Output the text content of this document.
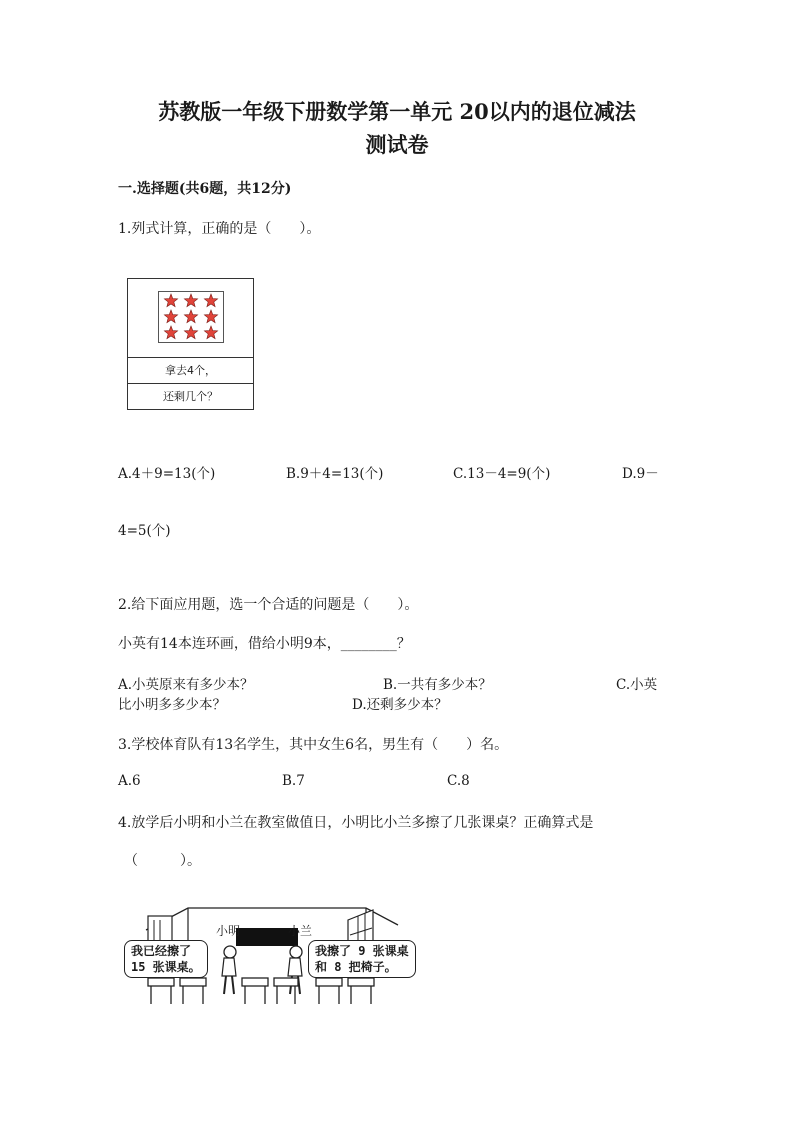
苏教版一年级下册数学第一单元 20以内的退位减法
测试卷
一.选择题(共6题，共12分)
1.列式计算，正确的是（　　）。
拿去4个，
还剩几个？
A.4＋9=13(个)	B.9＋4=13(个)	C.13－4=9(个)	D.9－
4=5(个)
2.给下面应用题，选一个合适的问题是（　　）。
小英有14本连环画，借给小明9本，________？
A.小英原来有多少本？	B.一共有多少本？	C.小英
比小明多多少本？	D.还剩多少本？
3.学校体育队有13名学生，其中女生6名，男生有（　　）名。
A.6	B.7	C.8
4.放学后小明和小兰在教室做值日，小明比小兰多擦了几张课桌？正确算式是
（　　　）。
小明	小兰
我已经擦了
15 张课桌。
我擦了 9 张课桌
和 8 把椅子。
